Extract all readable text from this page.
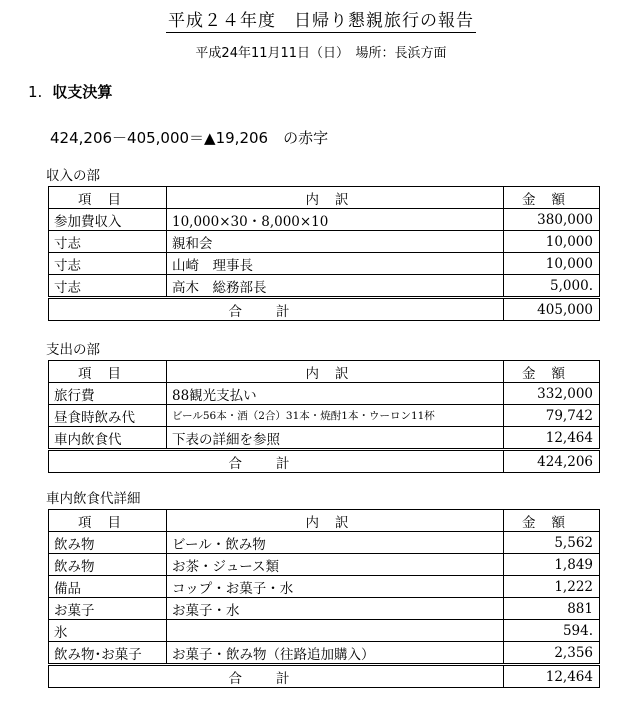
平成２４年度　日帰り懇親旅行の報告
平成24年11月11日（日）　場所：長浜方面
1. 収支決算
424,206－405,000＝▲19,206　の赤字
収入の部
項目	内訳	金額
参加費収入	10,000×30・8,000×10	380,000
寸志	親和会	10,000
寸志	山崎　理事長	10,000
寸志	高木　総務部長	5,000.
合計		405,000
支出の部
項目	内訳	金額
旅行費	88観光支払い	332,000
昼食時飲み代	ビール56本・酒（2合）31本・焼酎1本・ウーロン11杯	79,742
車内飲食代	下表の詳細を参照	12,464
合計		424,206
車内飲食代詳細
項目	内訳	金額
飲み物	ビール・飲み物	5,562
飲み物	お茶・ジュース類	1,849
備品	コップ・お菓子・水	1,222
お菓子	お菓子・水	881
氷		594.
飲み物･お菓子	お菓子・飲み物（往路追加購入）	2,356
合計		12,464
